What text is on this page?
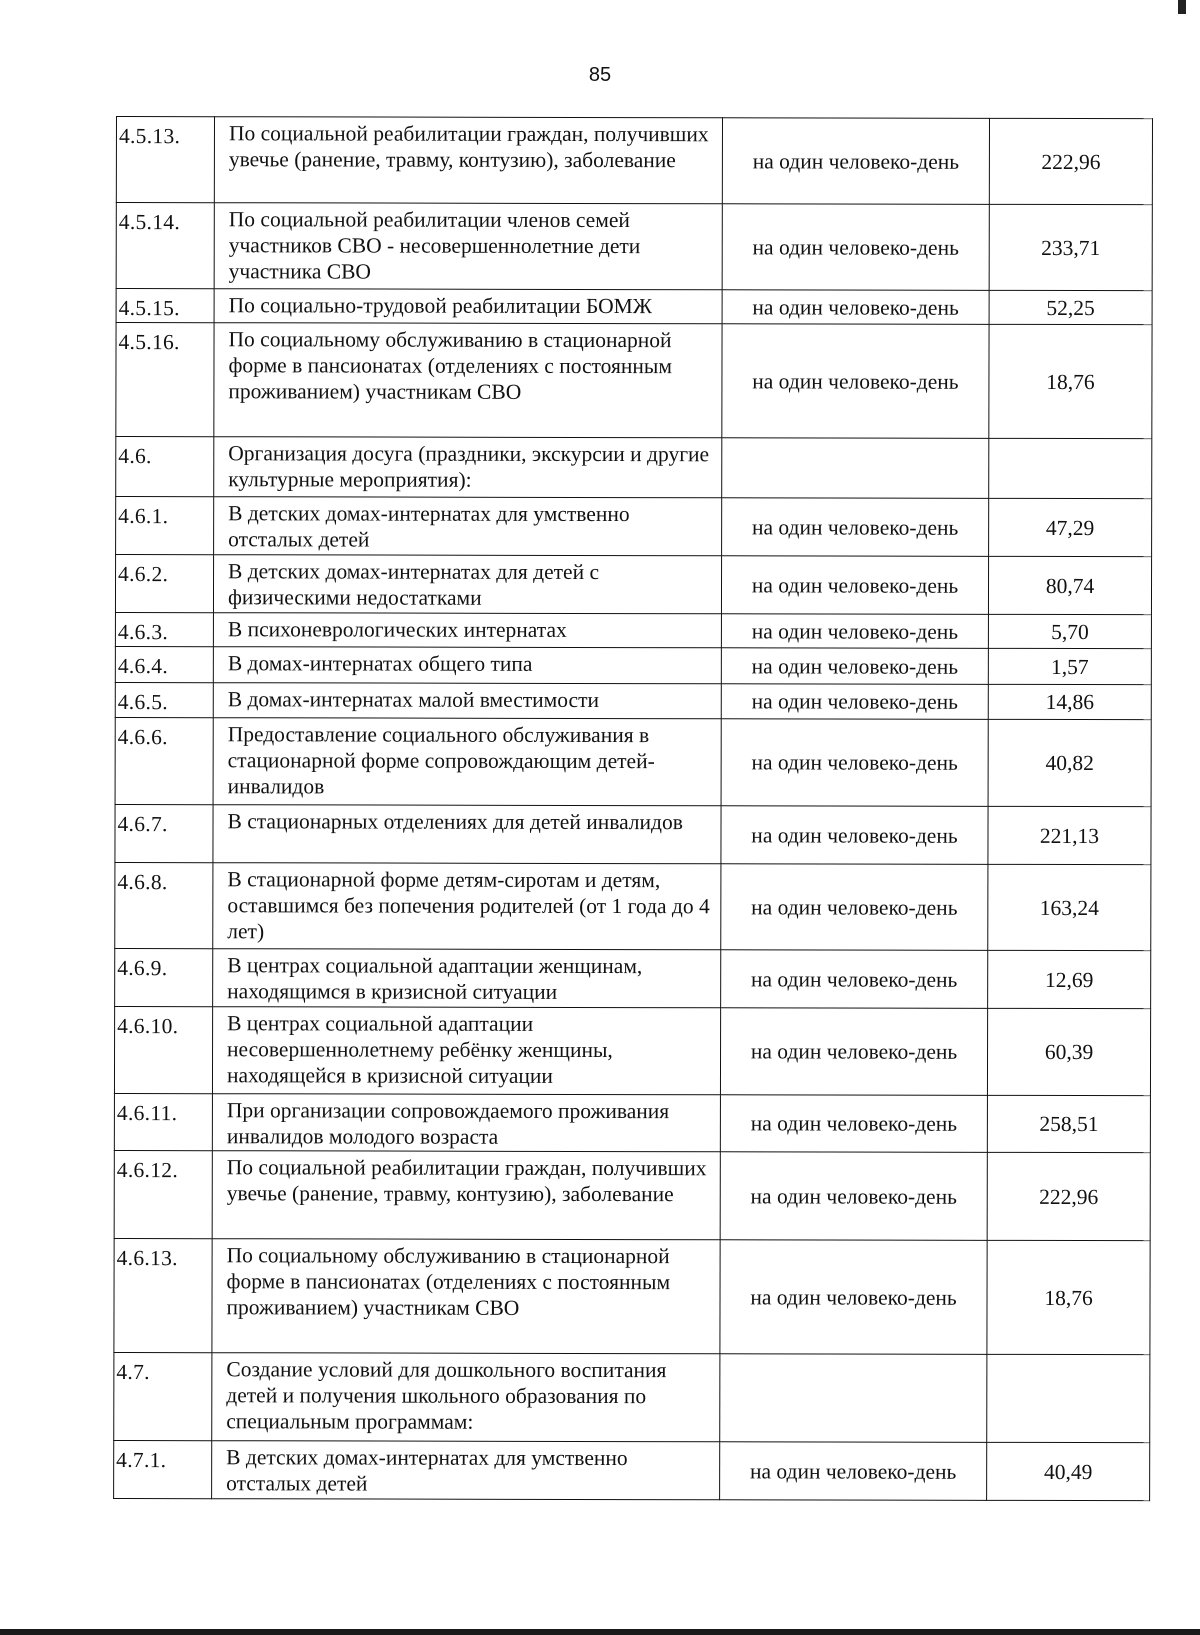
85
4.5.13.	По социальной реабилитации граждан, получивших увечье (ранение, травму, контузию), заболевание	на один человеко-день	222,96
4.5.14.	По социальной реабилитации членов семей участников СВО - несовершеннолетние дети участника СВО	на один человеко-день	233,71
4.5.15.	По социально-трудовой реабилитации БОМЖ	на один человеко-день	52,25
4.5.16.	По социальному обслуживанию в стационарной форме в пансионатах (отделениях с постоянным проживанием) участникам СВО	на один человеко-день	18,76
4.6.	Организация досуга (праздники, экскурсии и другие культурные мероприятия):		
4.6.1.	В детских домах-интернатах для умственно отсталых детей	на один человеко-день	47,29
4.6.2.	В детских домах-интернатах для детей с физическими недостатками	на один человеко-день	80,74
4.6.3.	В психоневрологических интернатах	на один человеко-день	5,70
4.6.4.	В домах-интернатах общего типа	на один человеко-день	1,57
4.6.5.	В домах-интернатах малой вместимости	на один человеко-день	14,86
4.6.6.	Предоставление социального обслуживания в стационарной форме сопровождающим детей-инвалидов	на один человеко-день	40,82
4.6.7.	В стационарных отделениях для детей инвалидов	на один человеко-день	221,13
4.6.8.	В стационарной форме детям-сиротам и детям, оставшимся без попечения родителей (от 1 года до 4 лет)	на один человеко-день	163,24
4.6.9.	В центрах социальной адаптации женщинам, находящимся в кризисной ситуации	на один человеко-день	12,69
4.6.10.	В центрах социальной адаптации несовершеннолетнему ребёнку женщины, находящейся в кризисной ситуации	на один человеко-день	60,39
4.6.11.	При организации сопровождаемого проживания инвалидов молодого возраста	на один человеко-день	258,51
4.6.12.	По социальной реабилитации граждан, получивших увечье (ранение, травму, контузию), заболевание	на один человеко-день	222,96
4.6.13.	По социальному обслуживанию в стационарной форме в пансионатах (отделениях с постоянным проживанием) участникам СВО	на один человеко-день	18,76
4.7.	Создание условий для дошкольного воспитания детей и получения школьного образования по специальным программам:		
4.7.1.	В детских домах-интернатах для умственно отсталых детей	на один человеко-день	40,49
